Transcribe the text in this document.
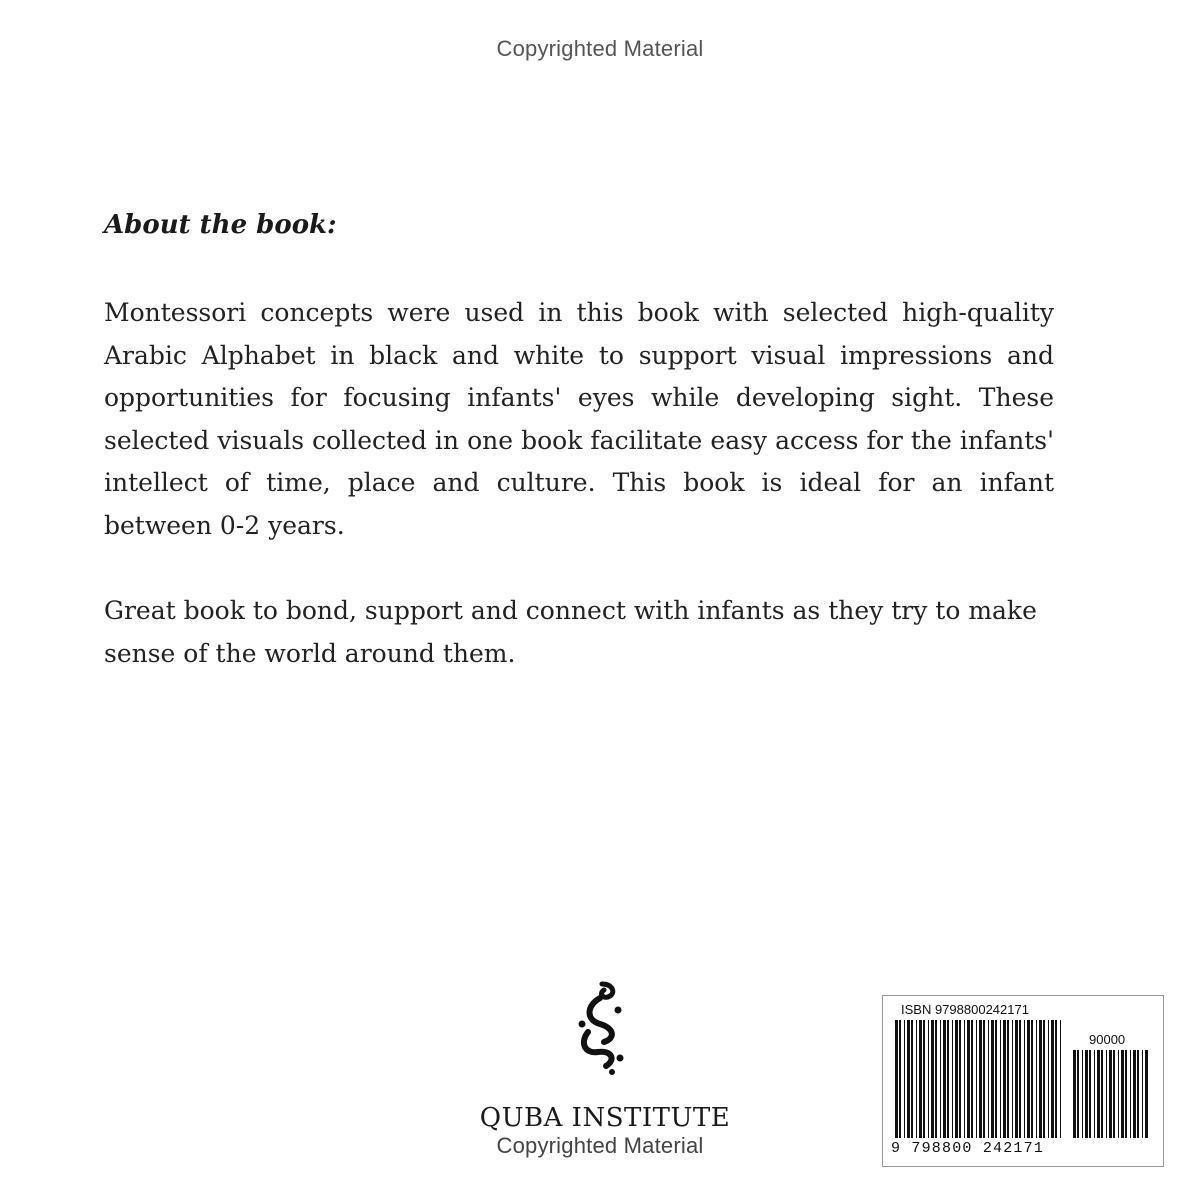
Copyrighted Material
About the book:

Montessori concepts were used in this book with selected high-quality Arabic Alphabet in black and white to support visual impressions and opportunities for focusing infants' eyes while developing sight. These selected visuals collected in one book facilitate easy access for the infants' intellect of time, place and culture. This book is ideal for an infant between 0-2 years.

Great book to bond, support and connect with infants as they try to make sense of the world around them.

QUBA INSTITUTE
Copyrighted Material
ISBN 9798800242171
90000
9 798800 242171
